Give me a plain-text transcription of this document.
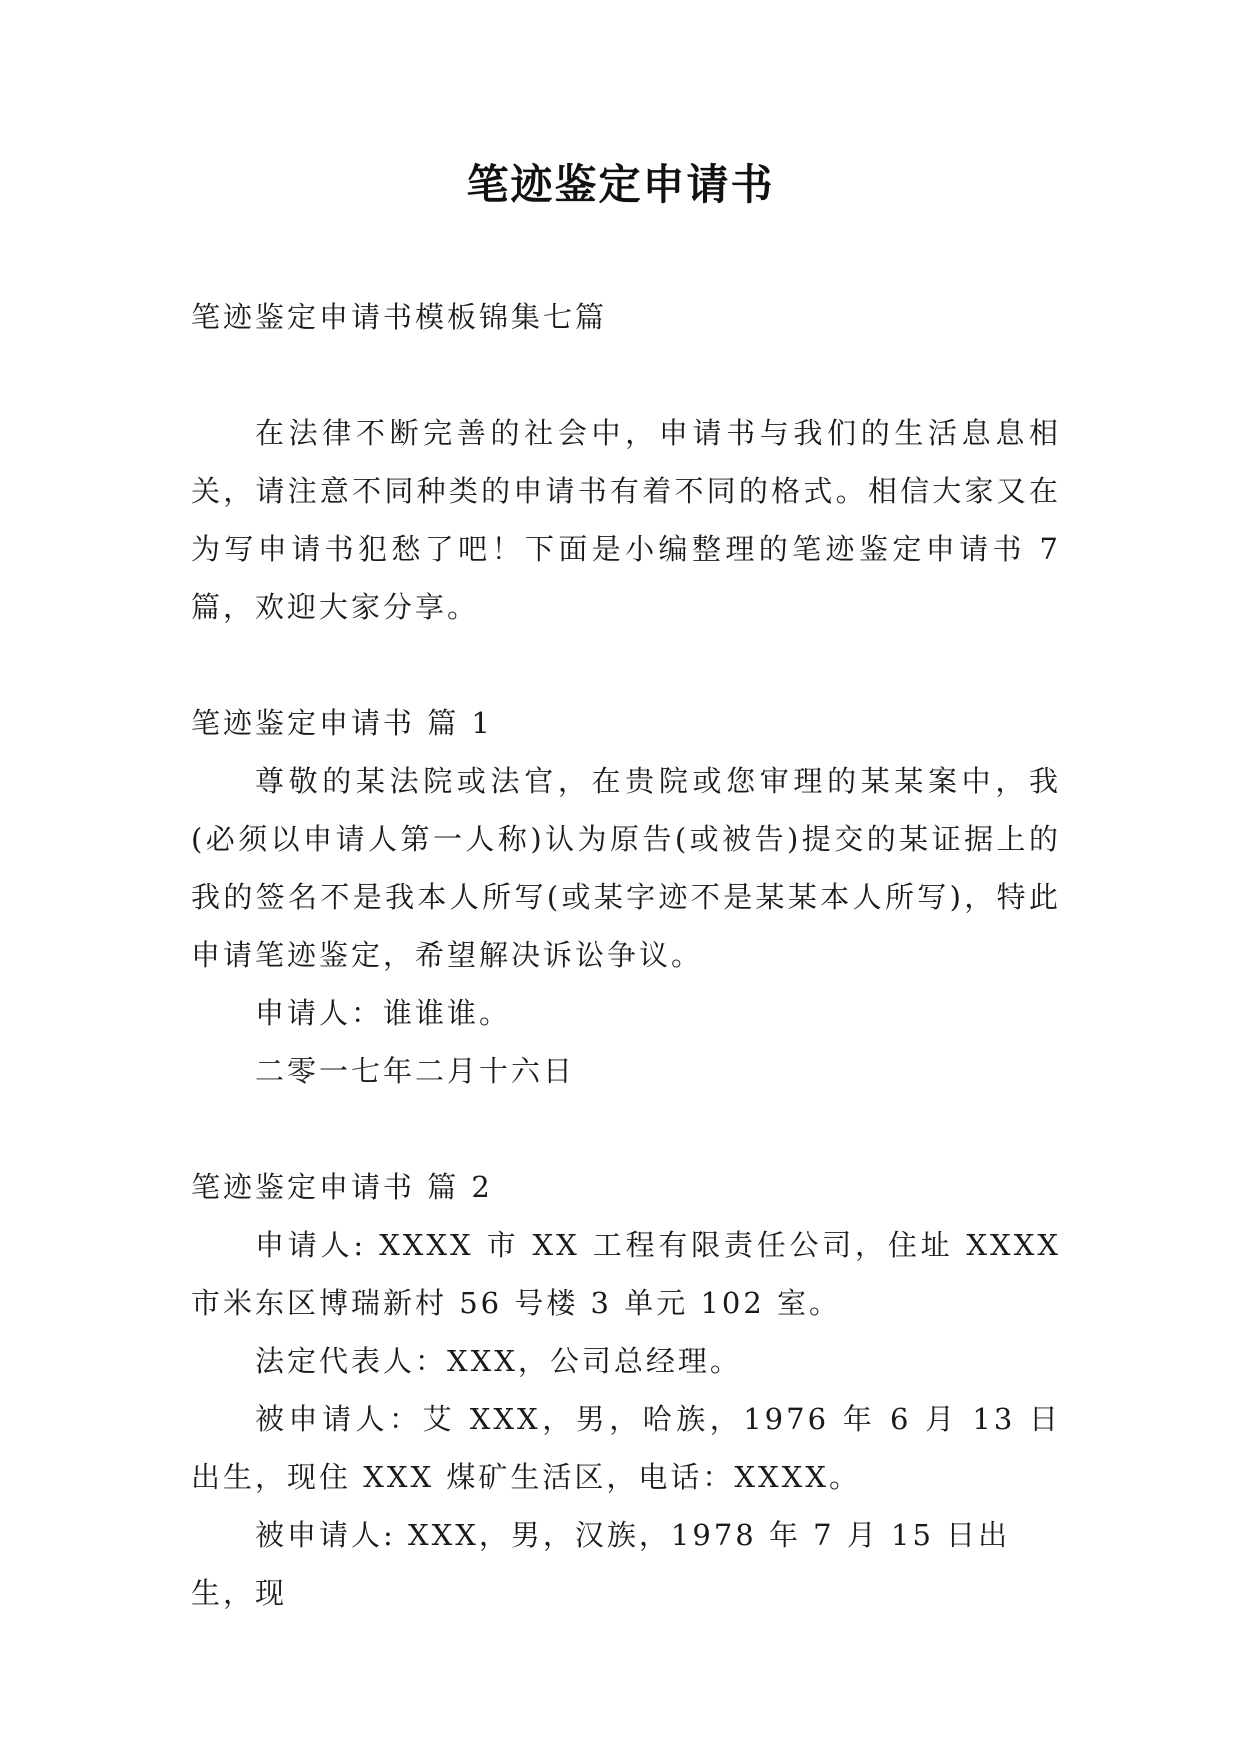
笔迹鉴定申请书

笔迹鉴定申请书模板锦集七篇

在法律不断完善的社会中，申请书与我们的生活息息相关，请注意不同种类的申请书有着不同的格式。相信大家又在为写申请书犯愁了吧！下面是小编整理的笔迹鉴定申请书 7 篇，欢迎大家分享。

笔迹鉴定申请书 篇 1

尊敬的某法院或法官，在贵院或您审理的某某案中，我(必须以申请人第一人称)认为原告(或被告)提交的某证据上的我的签名不是我本人所写(或某字迹不是某某本人所写)，特此申请笔迹鉴定，希望解决诉讼争议。

申请人：谁谁谁。

二零一七年二月十六日

笔迹鉴定申请书 篇 2

申请人: XXXX 市 XX 工程有限责任公司，住址 XXXX 市米东区博瑞新村 56 号楼 3 单元 102 室。

法定代表人：XXX，公司总经理。

被申请人：艾 XXX，男，哈族，1976 年 6 月 13 日出生，现住 XXX 煤矿生活区，电话：XXXX。

被申请人: XXX，男，汉族，1978 年 7 月 15 日出生，现
